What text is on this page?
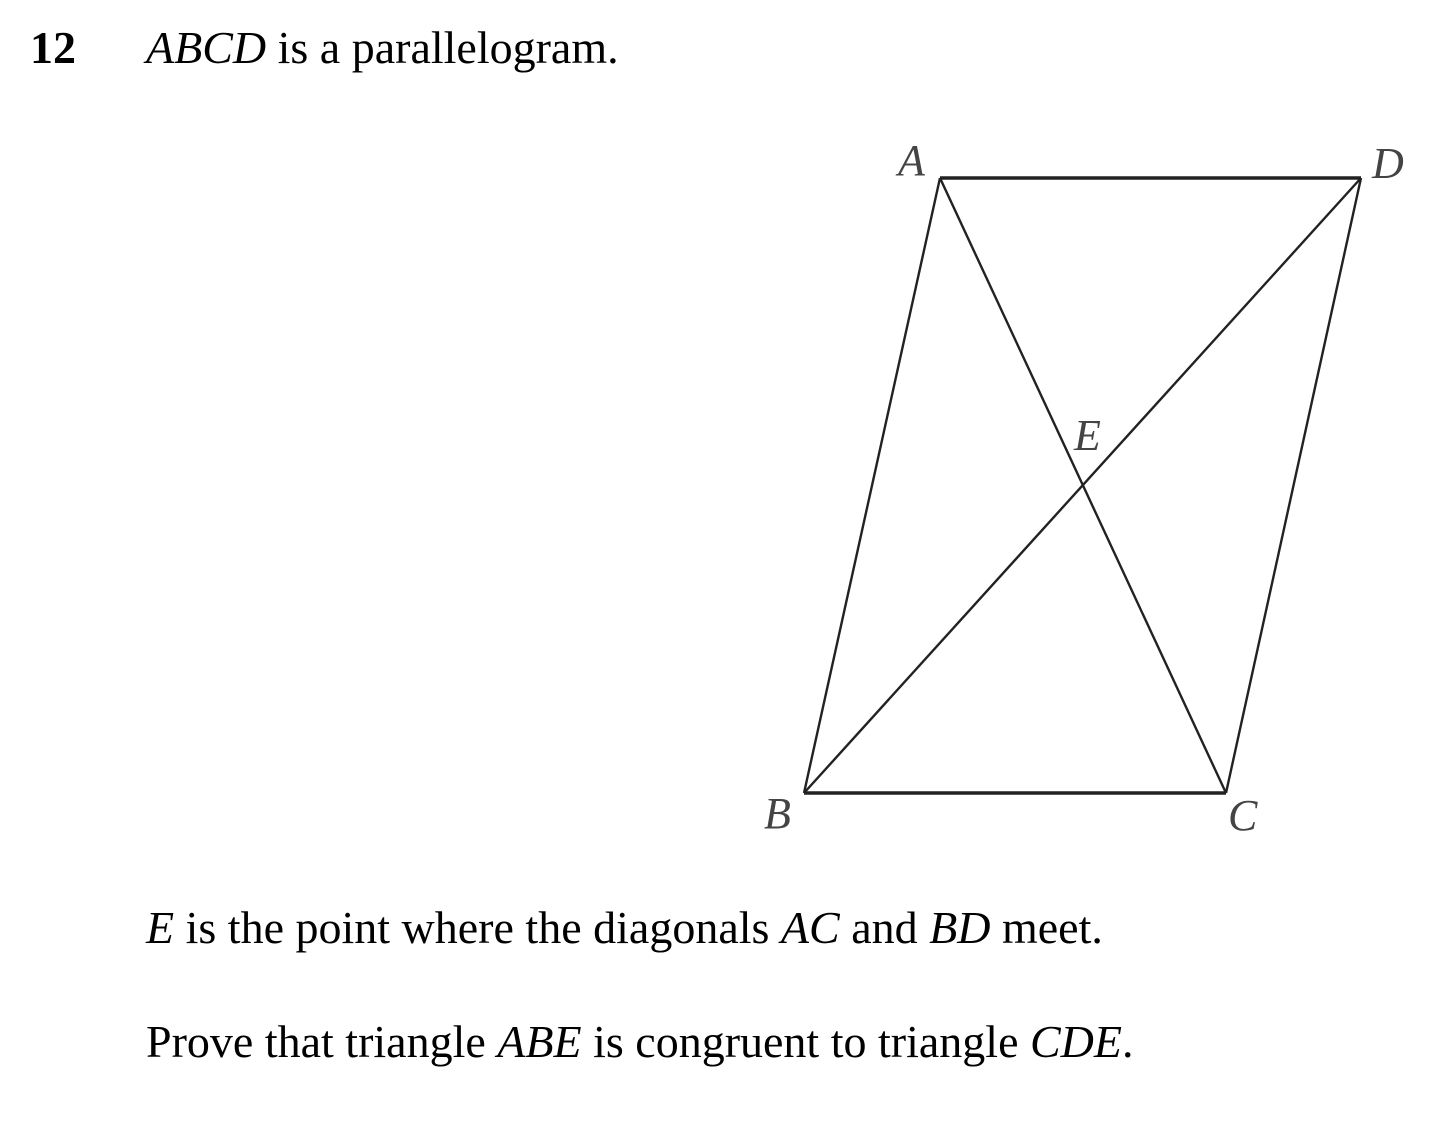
12 ABCD is a parallelogram.
A	D
B	C
E
E is the point where the diagonals AC and BD meet.
Prove that triangle ABE is congruent to triangle CDE.
